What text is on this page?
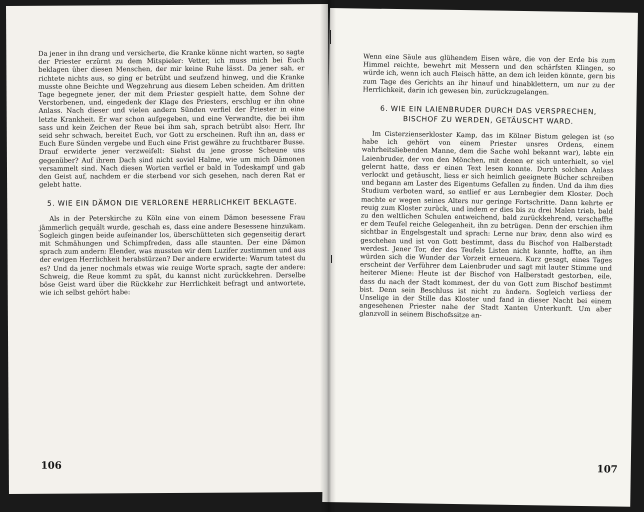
Da jener in ihn drang und versicherte, die Kranke könne nicht warten, so sagte der Priester erzürnt zu dem Mitspieler: Vetter, ich muss mich bei Euch beklagen über diesen Menschen, der mir keine Ruhe lässt. Da jener sah, er richtete nichts aus, so ging er betrübt und seufzend hinweg, und die Kranke musste ohne Beichte und Wegzehrung aus diesem Leben scheiden. Am dritten Tage begegnete jener, der mit dem Priester gespielt hatte, dem Sohne der Verstorbenen, und, eingedenk der Klage des Priesters, erschlug er ihn ohne Anlass. Nach dieser und vielen andern Sünden verfiel der Priester in eine letzte Krankheit. Er war schon aufgegeben, und eine Verwandte, die bei ihm sass und kein Zeichen der Reue bei ihm sah, sprach betrübt also: Herr, Ihr seid sehr schwach, bereitet Euch, vor Gott zu erscheinen. Ruft ihn an, dass er Euch Eure Sünden vergebe und Euch eine Frist gewähre zu fruchtbarer Busse. Drauf erwiderte jener verzweifelt: Siehst du jene grosse Scheune uns gegenüber? Auf ihrem Dach sind nicht soviel Halme, wie um mich Dämonen versammelt sind. Nach diesen Worten verfiel er bald in Todeskampf und gab den Geist auf, nachdem er die sterbend vor sich gesehen, nach deren Rat er gelebt hatte.

5. WIE EIN DÄMON DIE VERLORENE HERRLICHKEIT BEKLAGTE.

Als in der Peterskirche zu Köln eine von einem Dämon besessene Frau jämmerlich gequält wurde, geschah es, dass eine andere Besessene hinzukam. Sogleich gingen beide aufeinander los, überschütteten sich gegenseitig derart mit Schmähungen und Schimpfreden, dass alle staunten. Der eine Dämon sprach zum andern: Elender, was mussten wir dem Luzifer zustimmen und aus der ewigen Herrlichkeit herabstürzen? Der andere erwiderte: Warum tatest du es? Und da jener nochmals etwas wie reuige Worte sprach, sagte der andere: Schweig, die Reue kommt zu spät, du kannst nicht zurückkehren. Derselbe böse Geist ward über die Rückkehr zur Herrlichkeit befragt und antwortete, wie ich selbst gehört habe:

106

Wenn eine Säule aus glühendem Eisen wäre, die von der Erde bis zum Himmel reichte, bewehrt mit Messern und den schärfsten Klingen, so würde ich, wenn ich auch Fleisch hätte, an dem ich leiden könnte, gern bis zum Tage des Gerichts an ihr hinauf und hinabklettern, um nur zu der Herrlichkeit, darin ich gewesen bin, zurückzugelangen.

6. WIE EIN LAIENBRUDER DURCH DAS VERSPRECHEN, BISCHOF ZU WERDEN, GETÄUSCHT WARD.

Im Cisterzienserkloster Kamp, das im Kölner Bistum gelegen ist (so habe ich gehört von einem Priester unsres Ordens, einem wahrheitsliebenden Manne, dem die Sache wohl bekannt war), lebte ein Laienbruder, der von den Mönchen, mit denen er sich unterhielt, so viel gelernt hatte, dass er einen Text lesen konnte. Durch solchen Anlass verlockt und getäuscht, liess er sich heimlich geeignete Bücher schreiben und begann am Laster des Eigentums Gefallen zu finden. Und da ihm dies Studium verboten ward, so entlief er aus Lernbegier dem Kloster. Doch machte er wegen seines Alters nur geringe Fortschritte. Dann kehrte er reuig zum Kloster zurück, und indem er dies bis zu drei Malen trieb, bald zu den weltlichen Schulen entweichend, bald zurückkehrend, verschaffte er dem Teufel reiche Gelegenheit, ihn zu betrügen. Denn der erschien ihm sichtbar in Engelsgestalt und sprach: Lerne nur brav, denn also wird es geschehen und ist von Gott bestimmt, dass du Bischof von Halberstadt werdest. Jener Tor, der des Teufels Listen nicht kannte, hoffte, an ihm würden sich die Wunder der Vorzeit erneuern. Kurz gesagt, eines Tages erscheint der Verführer dem Laienbruder und sagt mit lauter Stimme und heiterer Miene: Heute ist der Bischof von Halberstadt gestorben, eile, dass du nach der Stadt kommest, der du von Gott zum Bischof bestimmt bist. Denn sein Beschluss ist nicht zu ändern. Sogleich verliess der Unselige in der Stille das Kloster und fand in dieser Nacht bei einem angesehenen Priester nahe der Stadt Xanten Unterkunft. Um aber glanzvoll in seinem Bischofssitze an-

107
